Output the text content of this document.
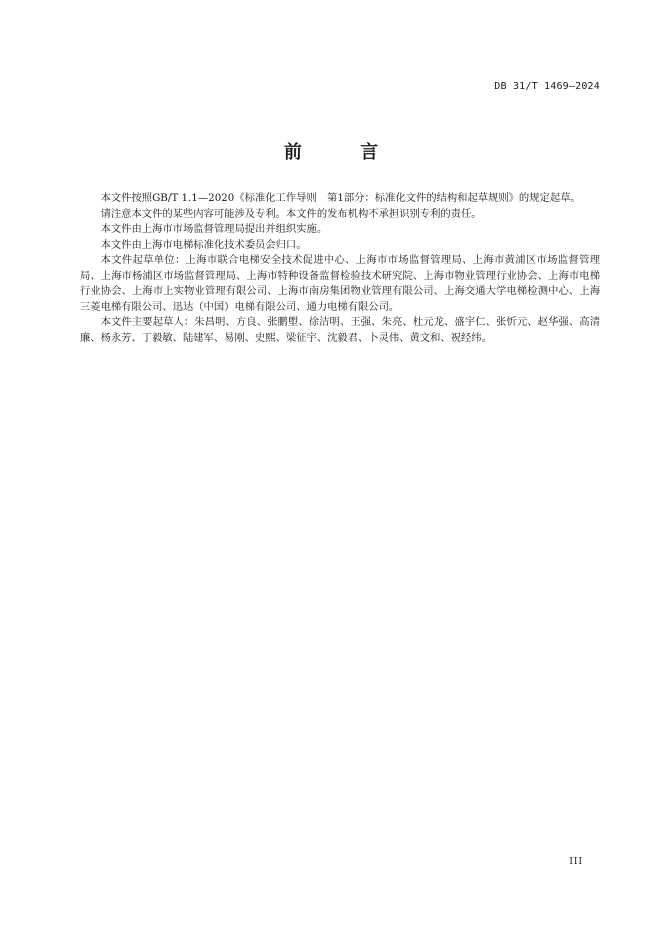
DB 31/T 1469—2024
前 言

本文件按照GB/T 1.1—2020《标准化工作导则　第1部分：标准化文件的结构和起草规则》的规定起草。

请注意本文件的某些内容可能涉及专利。本文件的发布机构不承担识别专利的责任。

本文件由上海市市场监督管理局提出并组织实施。

本文件由上海市电梯标准化技术委员会归口。

本文件起草单位：上海市联合电梯安全技术促进中心、上海市市场监督管理局、上海市黄浦区市场监督管理局、上海市杨浦区市场监督管理局、上海市特种设备监督检验技术研究院、上海市物业管理行业协会、上海市电梯行业协会、上海市上实物业管理有限公司、上海市南房集团物业管理有限公司、上海交通大学电梯检测中心、上海三菱电梯有限公司、迅达（中国）电梯有限公司、通力电梯有限公司。

本文件主要起草人：朱昌明、方良、张鹏塱、徐洁明、王强、朱亮、杜元龙、盛宇仁、张忻元、赵华强、高清廉、杨永芳、丁毅敏、陆建军、易刚、史熙、梁征宇、沈毅君、卜灵伟、黄文和、祝经纬。

III
